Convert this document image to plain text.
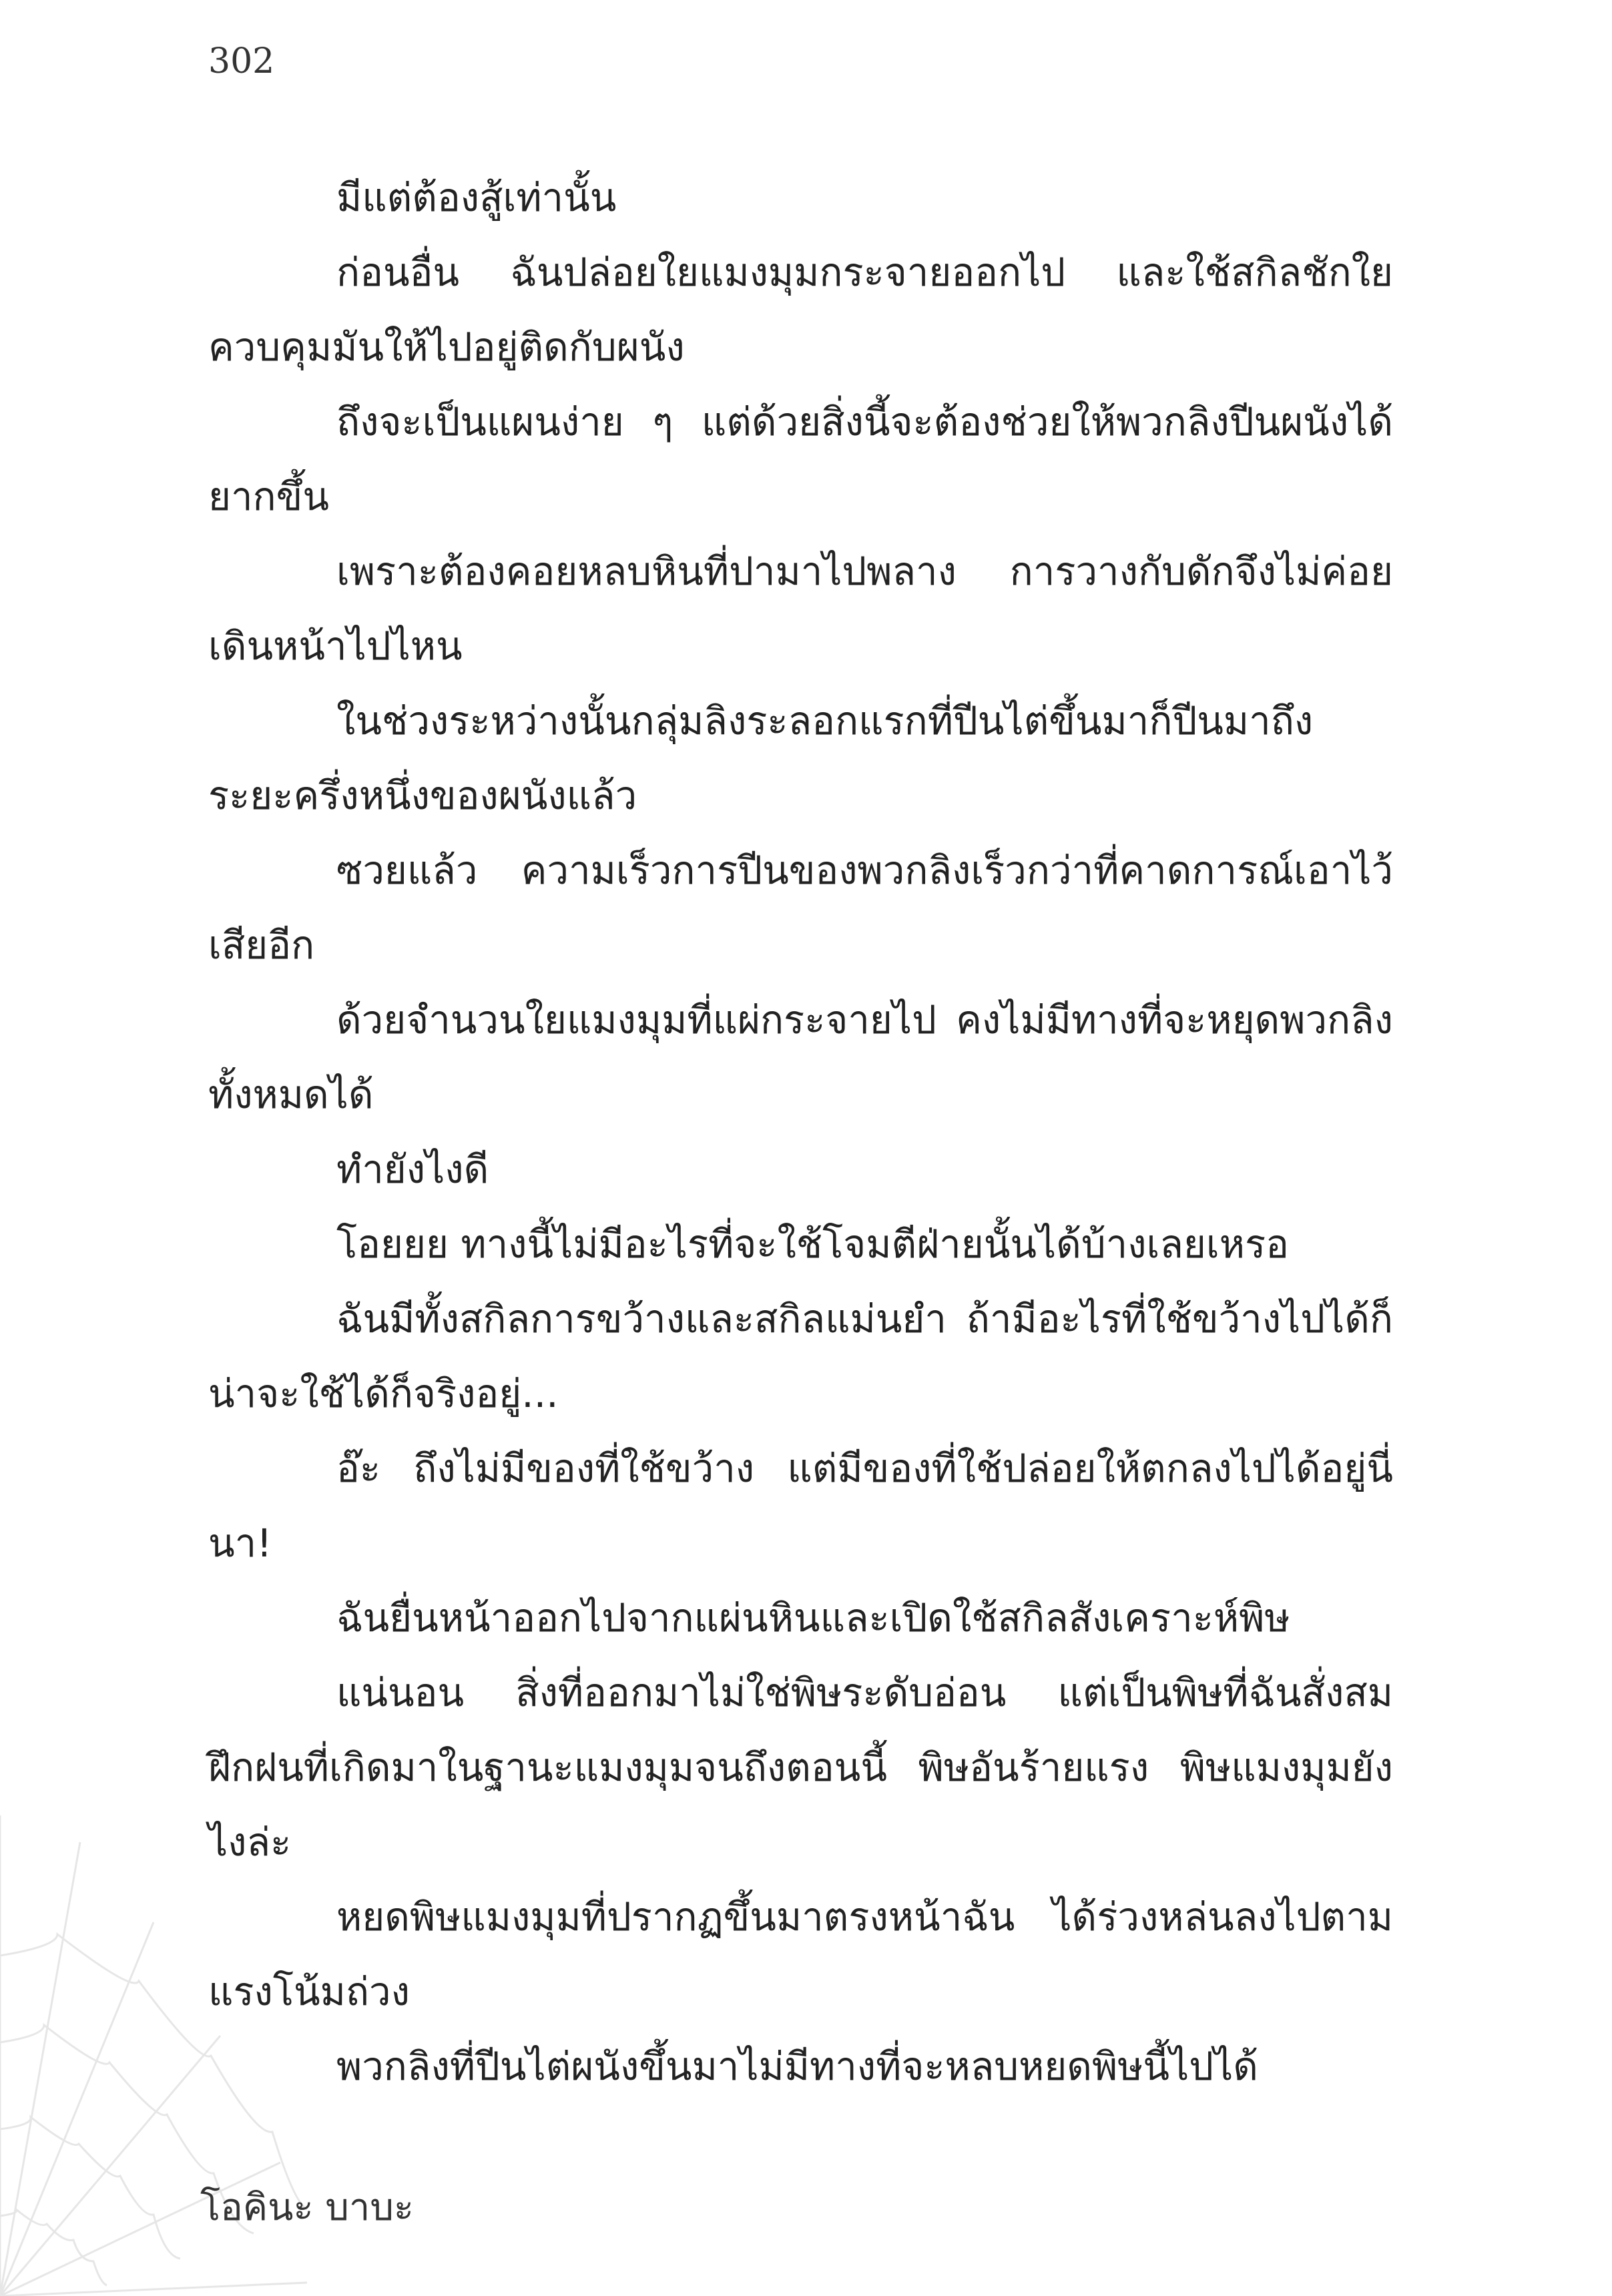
302

มีแต่ต้องสู้เท่านั้น

ก่อนอื่น ฉันปล่อยใยแมงมุมกระจายออกไป และใช้สกิลชักใยควบคุมมันให้ไปอยู่ติดกับผนัง

ถึงจะเป็นแผนง่าย ๆ แต่ด้วยสิ่งนี้จะต้องช่วยให้พวกลิงปีนผนังได้ยากขึ้น

เพราะต้องคอยหลบหินที่ปามาไปพลาง การวางกับดักจึงไม่ค่อยเดินหน้าไปไหน

ในช่วงระหว่างนั้นกลุ่มลิงระลอกแรกที่ปีนไต่ขึ้นมาก็ปีนมาถึงระยะครึ่งหนึ่งของผนังแล้ว

ซวยแล้ว ความเร็วการปีนของพวกลิงเร็วกว่าที่คาดการณ์เอาไว้เสียอีก

ด้วยจำนวนใยแมงมุมที่แผ่กระจายไป คงไม่มีทางที่จะหยุดพวกลิงทั้งหมดได้

ทำยังไงดี

โอยยย ทางนี้ไม่มีอะไรที่จะใช้โจมตีฝ่ายนั้นได้บ้างเลยเหรอ

ฉันมีทั้งสกิลการขว้างและสกิลแม่นยำ ถ้ามีอะไรที่ใช้ขว้างไปได้ก็น่าจะใช้ได้ก็จริงอยู่...

อ๊ะ ถึงไม่มีของที่ใช้ขว้าง แต่มีของที่ใช้ปล่อยให้ตกลงไปได้อยู่นี่นา!

ฉันยื่นหน้าออกไปจากแผ่นหินและเปิดใช้สกิลสังเคราะห์พิษ

แน่นอน สิ่งที่ออกมาไม่ใช่พิษระดับอ่อน แต่เป็นพิษที่ฉันสั่งสมฝึกฝนที่เกิดมาในฐานะแมงมุมจนถึงตอนนี้ พิษอันร้ายแรง พิษแมงมุมยังไงล่ะ

หยดพิษแมงมุมที่ปรากฏขึ้นมาตรงหน้าฉัน ได้ร่วงหล่นลงไปตามแรงโน้มถ่วง

พวกลิงที่ปีนไต่ผนังขึ้นมาไม่มีทางที่จะหลบหยดพิษนี้ไปได้

โอคินะ บาบะ
